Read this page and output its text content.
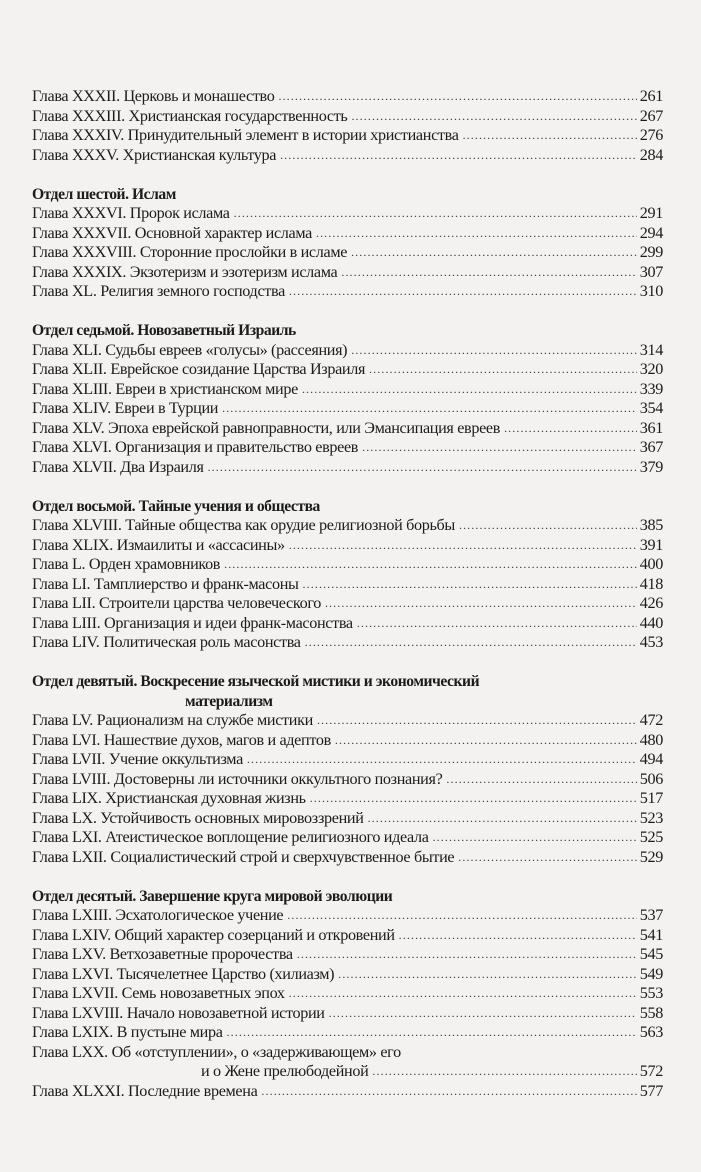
Глава XXXII. Церковь и монашество .....	261
Глава XXXIII. Христианская государственность .....	267
Глава XXXIV. Принудительный элемент в истории христианства .....	276
Глава XXXV. Христианская культура .....	284
Отдел шестой. Ислам
Глава XXXVI. Пророк ислама .....	291
Глава XXXVII. Основной характер ислама .....	294
Глава XXXVIII. Сторонние прослойки в исламе .....	299
Глава XXXIX. Экзотеризм и эзотеризм ислама .....	307
Глава XL. Религия земного господства .....	310
Отдел седьмой. Новозаветный Израиль
Глава XLI. Судьбы евреев «голусы» (рассеяния) .....	314
Глава XLII. Еврейское созидание Царства Израиля .....	320
Глава XLIII. Евреи в христианском мире .....	339
Глава XLIV. Евреи в Турции .....	354
Глава XLV. Эпоха еврейской равноправности, или Эмансипация евреев .....	361
Глава XLVI. Организация и правительство евреев .....	367
Глава XLVII. Два Израиля .....	379
Отдел восьмой. Тайные учения и общества
Глава XLVIII. Тайные общества как орудие религиозной борьбы .....	385
Глава XLIX. Измаилиты и «ассасины» .....	391
Глава L. Орден храмовников .....	400
Глава LI. Тамплиерство и франк-масоны .....	418
Глава LII. Строители царства человеческого .....	426
Глава LIII. Организация и идеи франк-масонства .....	440
Глава LIV. Политическая роль масонства .....	453
Отдел девятый. Воскресение языческой мистики и экономический
материализм
Глава LV. Рационализм на службе мистики .....	472
Глава LVI. Нашествие духов, магов и адептов .....	480
Глава LVII. Учение оккультизма .....	494
Глава LVIII. Достоверны ли источники оккультного познания? .....	506
Глава LIX. Христианская духовная жизнь .....	517
Глава LX. Устойчивость основных мировоззрений .....	523
Глава LXI. Атеистическое воплощение религиозного идеала .....	525
Глава LXII. Социалистический строй и сверхчувственное бытие .....	529
Отдел десятый. Завершение круга мировой эволюции
Глава LXIII. Эсхатологическое учение .....	537
Глава LXIV. Общий характер созерцаний и откровений .....	541
Глава LXV. Ветхозаветные пророчества .....	545
Глава LXVI. Тысячелетнее Царство (хилиазм) .....	549
Глава LXVII. Семь новозаветных эпох .....	553
Глава LXVIII. Начало новозаветной истории .....	558
Глава LXIX. В пустыне мира .....	563
Глава LXX. Об «отступлении», о «задерживающем» его
и о Жене прелюбодейной .....	572
Глава XLXXI. Последние времена .....	577
